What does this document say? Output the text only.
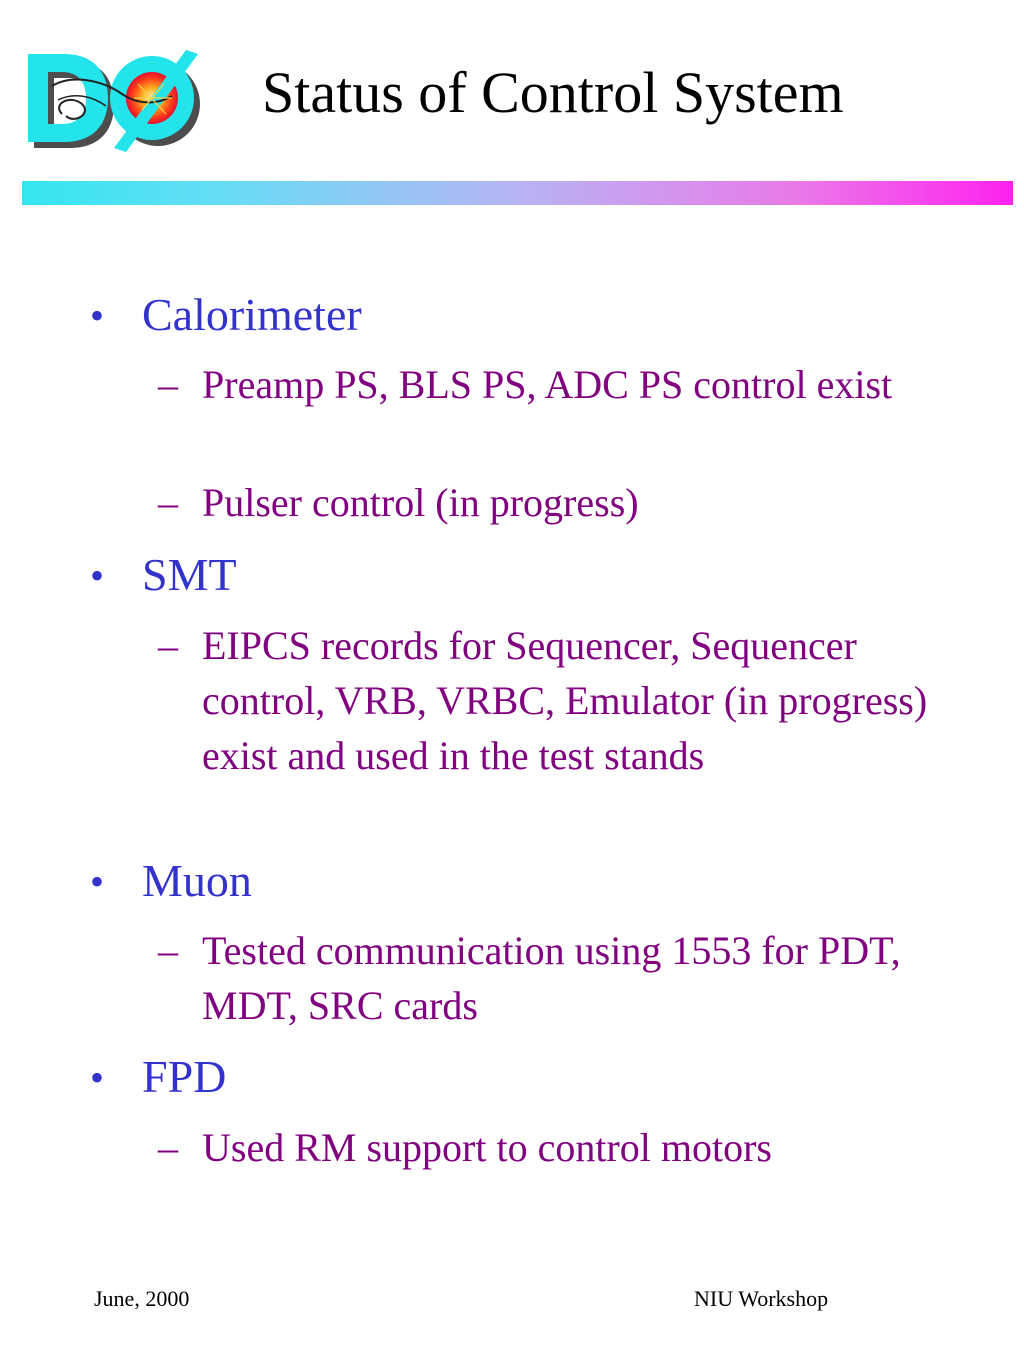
Status of Control System
• Calorimeter
– Preamp PS, BLS PS, ADC PS control exist
– Pulser control (in progress)
• SMT
– EIPCS records for Sequencer, Sequencer control, VRB, VRBC, Emulator (in progress) exist and used in the test stands
• Muon
– Tested communication using 1553 for PDT, MDT, SRC cards
• FPD
– Used RM support to control motors
June, 2000	NIU Workshop
